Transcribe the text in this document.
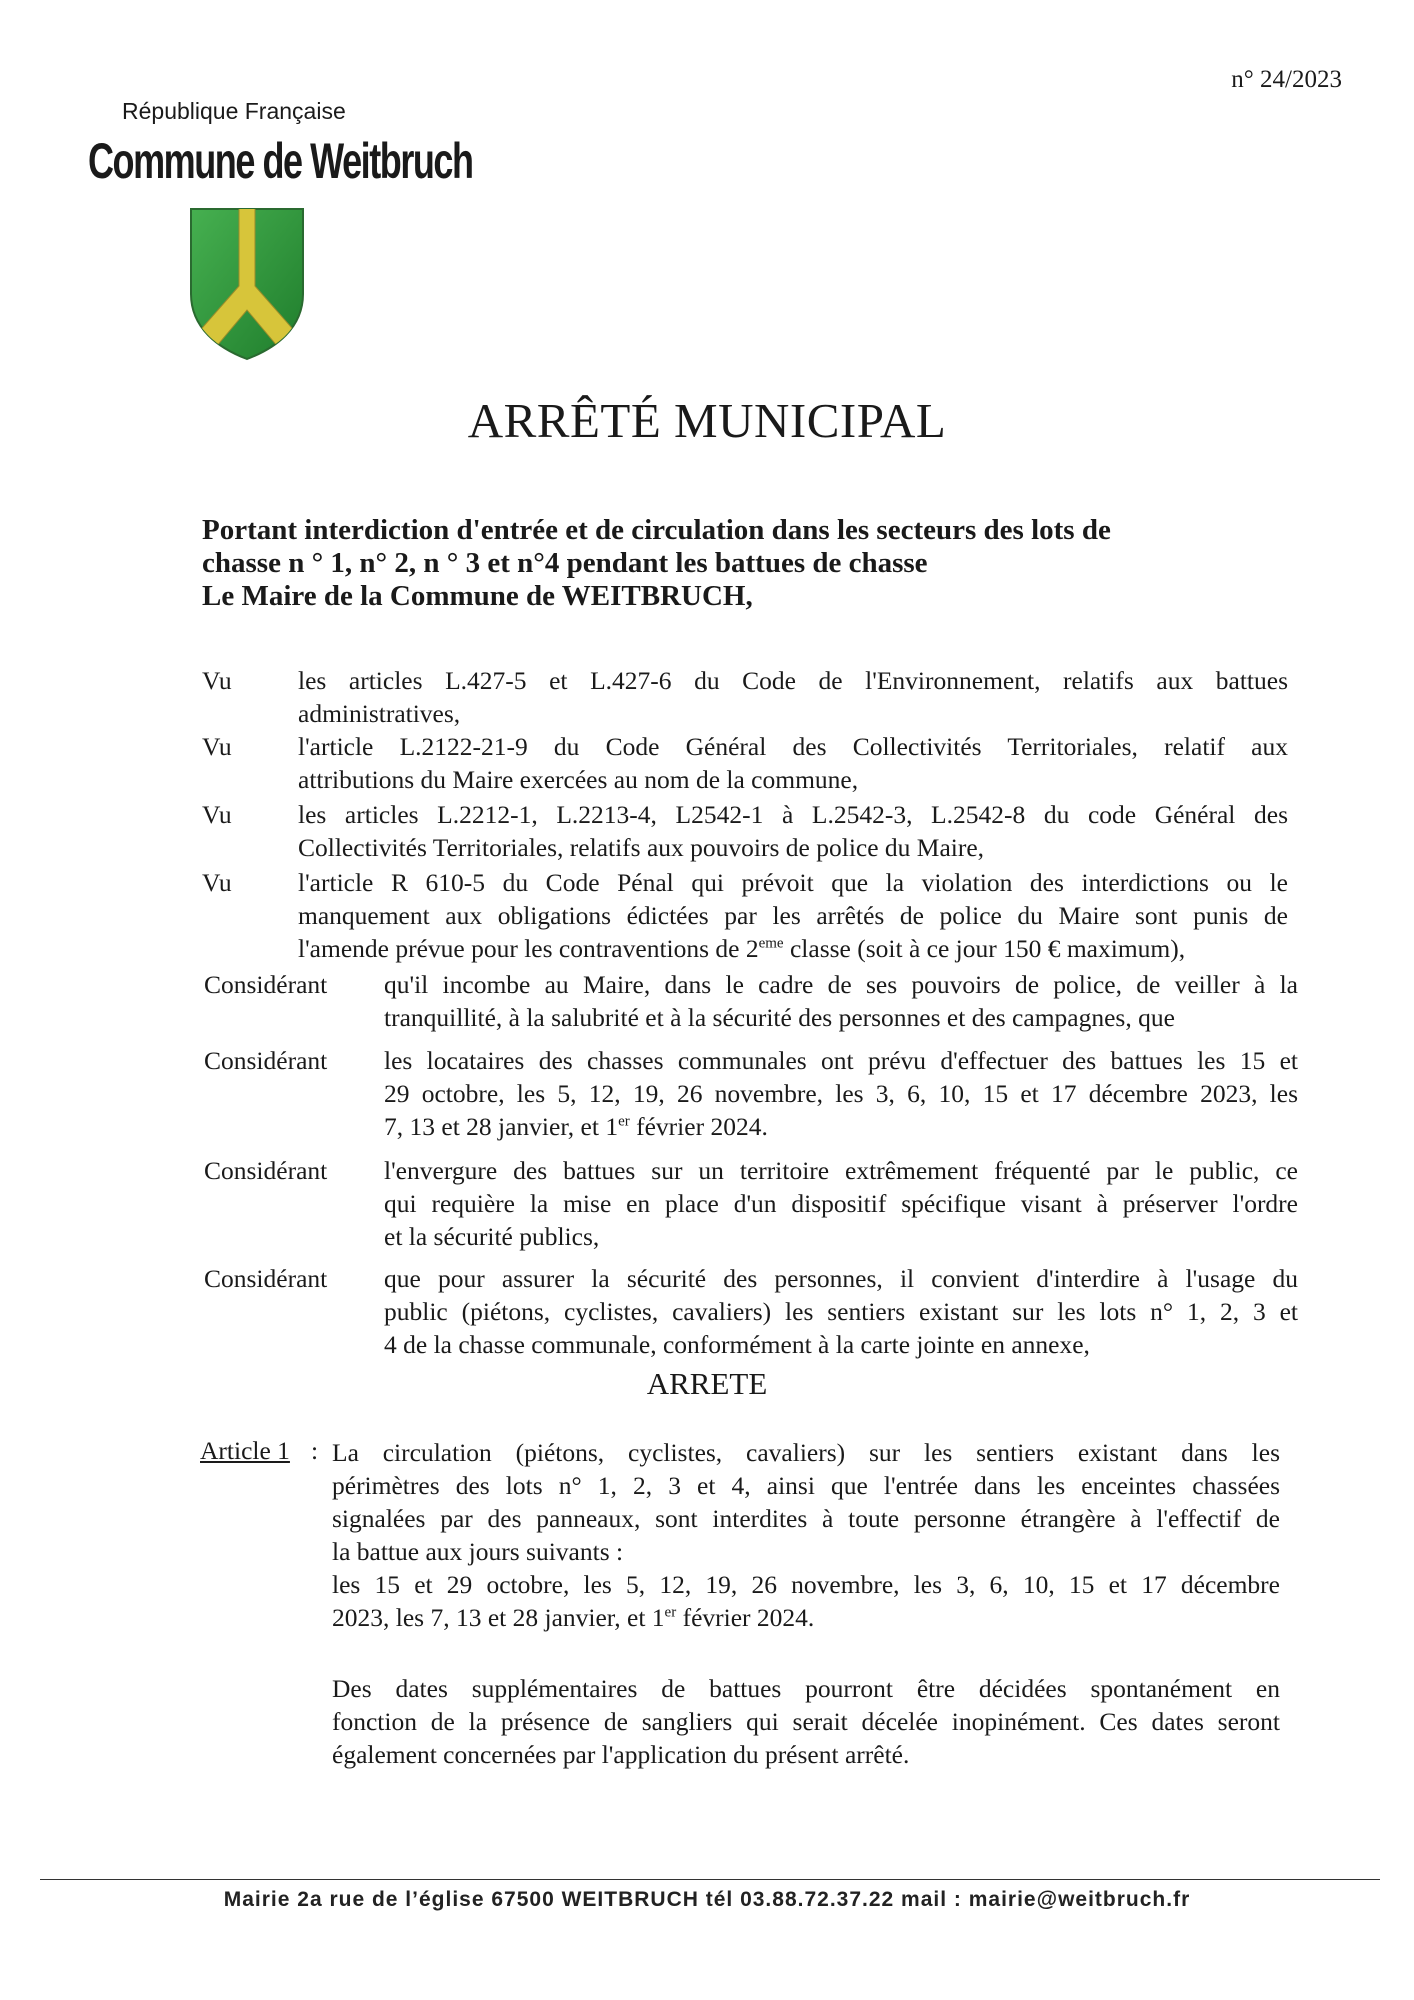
n° 24/2023
République Française
Commune de Weitbruch
ARRÊTÉ MUNICIPAL
Portant interdiction d'entrée et de circulation dans les secteurs des lots de
chasse n ° 1, n° 2, n ° 3 et n°4 pendant les battues de chasse
Le Maire de la Commune de WEITBRUCH,
Vu	les articles L.427-5 et L.427-6 du Code de l'Environnement, relatifs aux battues
administratives,
Vu	l'article L.2122-21-9 du Code Général des Collectivités Territoriales, relatif aux
attributions du Maire exercées au nom de la commune,
Vu	les articles L.2212-1, L.2213-4, L2542-1 à L.2542-3, L.2542-8 du code Général des
Collectivités Territoriales, relatifs aux pouvoirs de police du Maire,
Vu	l'article R 610-5 du Code Pénal qui prévoit que la violation des interdictions ou le
manquement aux obligations édictées par les arrêtés de police du Maire sont punis de
l'amende prévue pour les contraventions de 2eme classe (soit à ce jour 150 € maximum),
Considérant qu'il incombe au Maire, dans le cadre de ses pouvoirs de police, de veiller à la
tranquillité, à la salubrité et à la sécurité des personnes et des campagnes, que
Considérant les locataires des chasses communales ont prévu d'effectuer des battues les 15 et
29 octobre, les 5, 12, 19, 26 novembre, les 3, 6, 10, 15 et 17 décembre 2023, les
7, 13 et 28 janvier, et 1er février 2024.
Considérant l'envergure des battues sur un territoire extrêmement fréquenté par le public, ce
qui requière la mise en place d'un dispositif spécifique visant à préserver l'ordre
et la sécurité publics,
Considérant que pour assurer la sécurité des personnes, il convient d'interdire à l'usage du
public (piétons, cyclistes, cavaliers) les sentiers existant sur les lots n° 1, 2, 3 et
4 de la chasse communale, conformément à la carte jointe en annexe,
ARRETE
Article 1 : La circulation (piétons, cyclistes, cavaliers) sur les sentiers existant dans les
périmètres des lots n° 1, 2, 3 et 4, ainsi que l'entrée dans les enceintes chassées
signalées par des panneaux, sont interdites à toute personne étrangère à l'effectif de
la battue aux jours suivants :
les 15 et 29 octobre, les 5, 12, 19, 26 novembre, les 3, 6, 10, 15 et 17 décembre
2023, les 7, 13 et 28 janvier, et 1er février 2024.
Des dates supplémentaires de battues pourront être décidées spontanément en
fonction de la présence de sangliers qui serait décelée inopinément. Ces dates seront
également concernées par l'application du présent arrêté.
Mairie 2a rue de l’église 67500 WEITBRUCH tél 03.88.72.37.22 mail : mairie@weitbruch.fr
